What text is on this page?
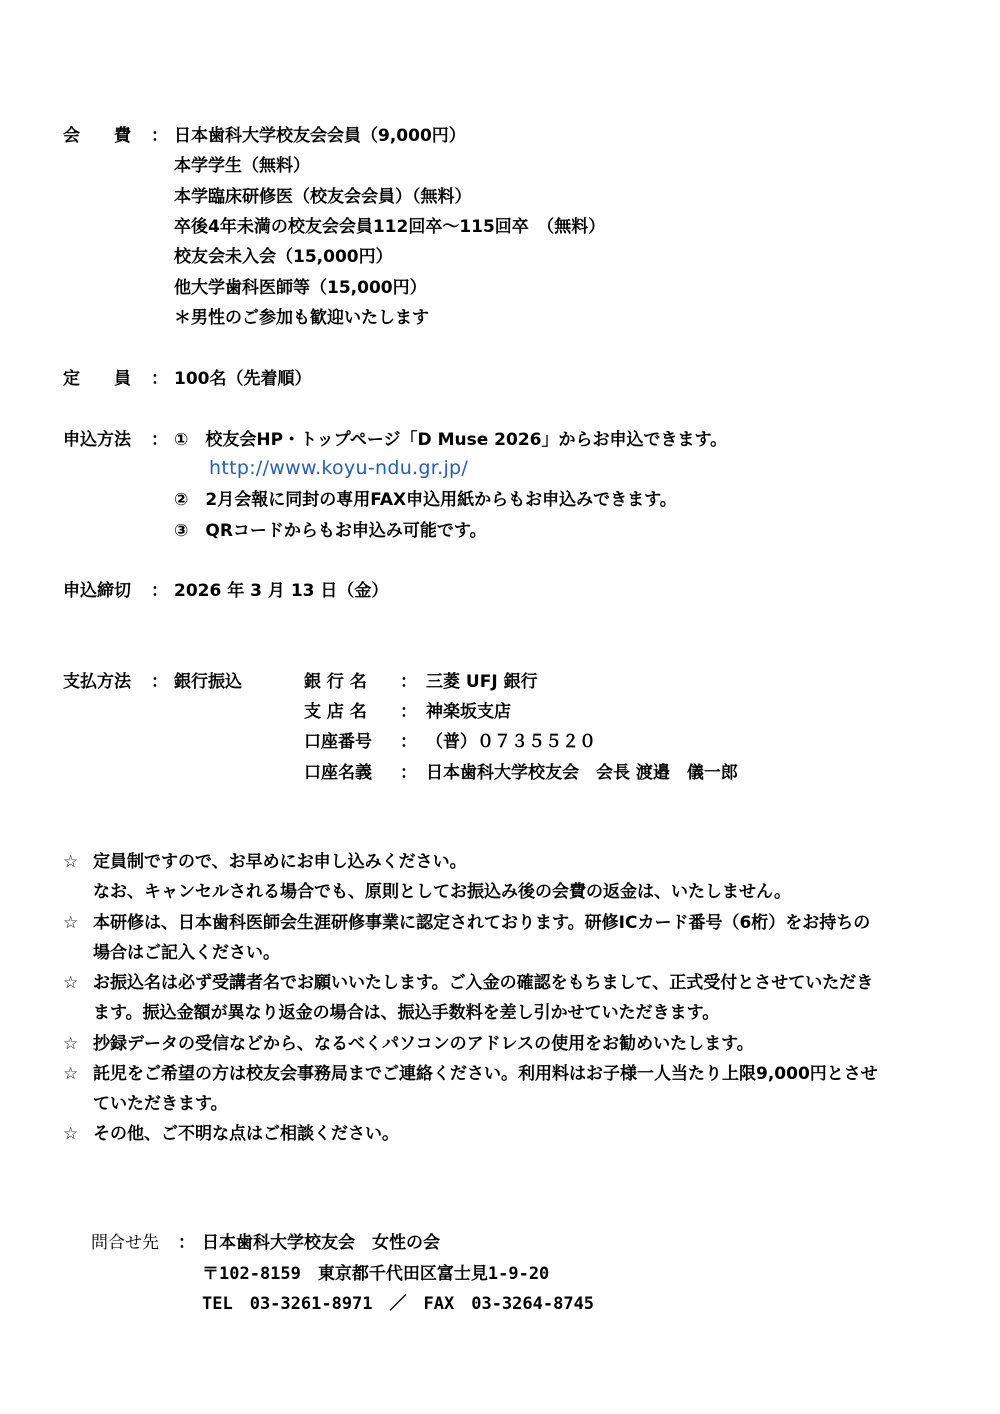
会　　費 ： 日本歯科大学校友会会員（9,000円）
本学学生（無料）
本学臨床研修医（校友会会員）（無料）
卒後4年未満の校友会会員112回卒～115回卒　（無料）
校友会未入会（15,000円）
他大学歯科医師等（15,000円）
＊男性のご参加も歓迎いたします
定　　員 ： 100名（先着順）
申込方法 ： ①　校友会HP・トップページ「D Muse 2026」からお申込できます。
http://www.koyu-ndu.gr.jp/
②　2月会報に同封の専用FAX申込用紙からもお申込みできます。
③　QRコードからもお申込み可能です。
申込締切 ： 2026 年 3 月 13 日（金）
支払方法 ： 銀行振込	銀 行 名	： 三菱 UFJ 銀行
支 店 名	： 神楽坂支店
口座番号	： （普）０７３５５２０
口座名義	： 日本歯科大学校友会　会長 渡邉　儀一郎
☆ 定員制ですので、お早めにお申し込みください。
なお、キャンセルされる場合でも、原則としてお振込み後の会費の返金は、いたしません。
☆ 本研修は、日本歯科医師会生涯研修事業に認定されております。研修ICカード番号（6桁）をお持ちの
場合はご記入ください。
☆ お振込名は必ず受講者名でお願いいたします。ご入金の確認をもちまして、正式受付とさせていただき
ます。振込金額が異なり返金の場合は、振込手数料を差し引かせていただきます。
☆ 抄録データの受信などから、なるべくパソコンのアドレスの使用をお勧めいたします。
☆ 託児をご希望の方は校友会事務局までご連絡ください。利用料はお子様一人当たり上限9,000円とさせ
ていただきます。
☆ その他、ご不明な点はご相談ください。
問合せ先 ： 日本歯科大学校友会　女性の会
〒102-8159　東京都千代田区富士見1-9-20
TEL　03-3261-8971　／　FAX　03-3264-8745
